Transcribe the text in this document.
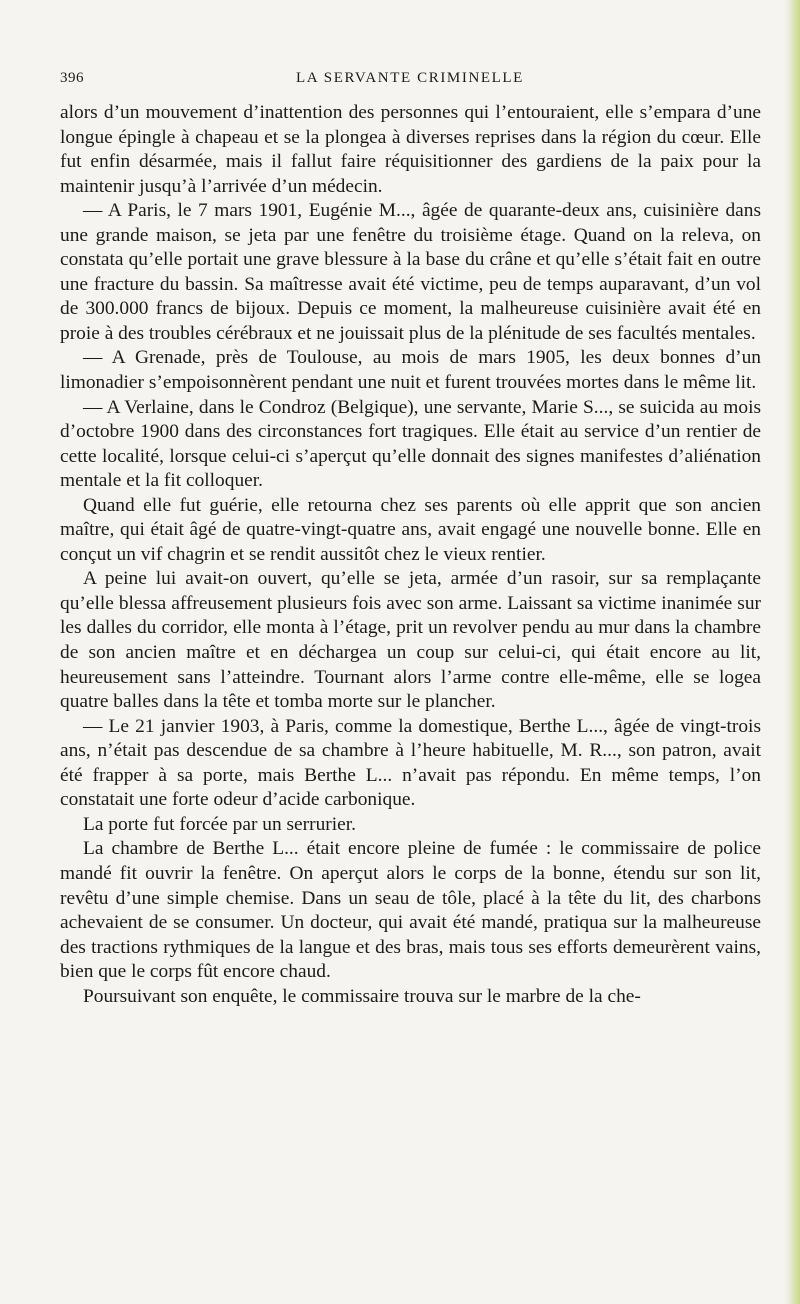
396	LA SERVANTE CRIMINELLE

alors d’un mouvement d’inattention des personnes qui l’entouraient, elle s’empara d’une longue épingle à chapeau et se la plongea à diverses reprises dans la région du cœur. Elle fut enfin désarmée, mais il fallut faire réquisitionner des gardiens de la paix pour la maintenir jusqu’à l’arrivée d’un médecin.

— A Paris, le 7 mars 1901, Eugénie M..., âgée de quarante-deux ans, cuisinière dans une grande maison, se jeta par une fenêtre du troisième étage. Quand on la releva, on constata qu’elle portait une grave blessure à la base du crâne et qu’elle s’était fait en outre une fracture du bassin. Sa maîtresse avait été victime, peu de temps auparavant, d’un vol de 300.000 francs de bijoux. Depuis ce moment, la malheureuse cuisinière avait été en proie à des troubles cérébraux et ne jouissait plus de la plénitude de ses facultés mentales.

— A Grenade, près de Toulouse, au mois de mars 1905, les deux bonnes d’un limonadier s’empoisonnèrent pendant une nuit et furent trouvées mortes dans le même lit.

— A Verlaine, dans le Condroz (Belgique), une servante, Marie S..., se suicida au mois d’octobre 1900 dans des circonstances fort tragiques. Elle était au service d’un rentier de cette localité, lorsque celui-ci s’aperçut qu’elle donnait des signes manifestes d’aliénation mentale et la fit colloquer.

Quand elle fut guérie, elle retourna chez ses parents où elle apprit que son ancien maître, qui était âgé de quatre-vingt-quatre ans, avait engagé une nouvelle bonne. Elle en conçut un vif chagrin et se rendit aussitôt chez le vieux rentier.

A peine lui avait-on ouvert, qu’elle se jeta, armée d’un rasoir, sur sa remplaçante qu’elle blessa affreusement plusieurs fois avec son arme. Laissant sa victime inanimée sur les dalles du corridor, elle monta à l’étage, prit un revolver pendu au mur dans la chambre de son ancien maître et en déchargea un coup sur celui-ci, qui était encore au lit, heureusement sans l’atteindre. Tournant alors l’arme contre elle-même, elle se logea quatre balles dans la tête et tomba morte sur le plancher.

— Le 21 janvier 1903, à Paris, comme la domestique, Berthe L..., âgée de vingt-trois ans, n’était pas descendue de sa chambre à l’heure habituelle, M. R..., son patron, avait été frapper à sa porte, mais Berthe L... n’avait pas répondu. En même temps, l’on constatait une forte odeur d’acide carbonique.

La porte fut forcée par un serrurier.

La chambre de Berthe L... était encore pleine de fumée : le commissaire de police mandé fit ouvrir la fenêtre. On aperçut alors le corps de la bonne, étendu sur son lit, revêtu d’une simple chemise. Dans un seau de tôle, placé à la tête du lit, des charbons achevaient de se consumer. Un docteur, qui avait été mandé, pratiqua sur la malheureuse des tractions rythmiques de la langue et des bras, mais tous ses efforts demeurèrent vains, bien que le corps fût encore chaud.

Poursuivant son enquête, le commissaire trouva sur le marbre de la che-
